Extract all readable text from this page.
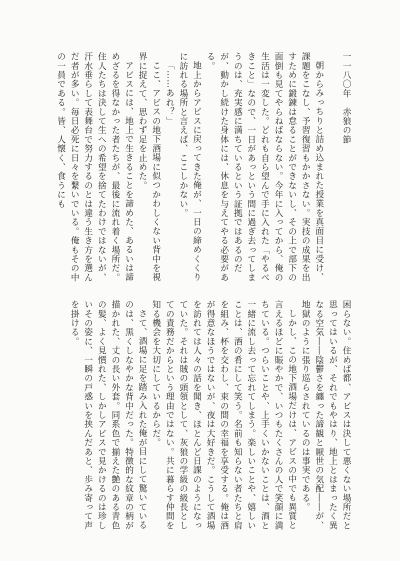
一一八〇年　赤狼の節

朝からみっちりと詰め込まれた授業を真面目に受け、課題をこなし、予習復習もかかさない。実技の成果を出すために鍛錬は怠ることができないし、その上で部下の面倒も見てやらねばならない。今年に入ってから、俺の生活は一変した。どれも自ら望んで手に入れた「やるべきこと」なので、一日があっという間に過ぎ去ってしまうのは、充実感に満ちているという証拠ではあるのだが、動かし続けた身体には、休息を与えてやる必要がある。

地上からアビスに戻ってきた俺が、一日の締めくくりに訪れる場所と言えば、ここしかない。

「……あれ？」

ここ、アビスの地下酒場に似つかわしくない背中を視界に捉えて、思わず足を止めた。

アビスには、地上で生きることを諦めた、あるいは諦めざるを得なかった者たちが、最後に流れ着く場所だ。住人たちは決して生への希望を捨てたわけではないが、汗水垂らして表舞台で努力するのとは違う生き方を選んだ者が多い。毎日必死に日々を繋いでいる。俺もその中の一員である。皆、人懐く、食うにも

困らない。住めば都、アビスは決して悪くない場所だと思ってはいるが、それでもやはり、地上とはまったく異なる空気――陰鬱さを纏った諦観と厭世の気配――が、地獄のように張り巡らされているのは事実である。

しかし、この地下酒場だけは、アビスの中でも異質と言えるほどに賑やかで、いつもたくさんの人で笑顔に満ちている。つらいことや、上手くいかないことは、酒と一緒に流し去って忘れてしまう。楽しいことや、嬉しいことは、酒の肴にして笑う。名前も知らない者たちと肩を組み、杯を交わし、束の間の幸福を享受する。俺は酒が得意なほうではないが、夜は大好きだ。こうして酒場を訪れては人々の話を聞き、ほとんど日課のようになっていた。それは賊の頭領として、灰狼の学級の級長としての責務だからという理由ではない。共に暮らす仲間を知る機会を大切にしているからだ。

さて、酒場に足を踏み入れた俺が目にして驚いているのは、黒くしなやかな背中だった。特徴的な紋章の柄が描かれた、丈の長い外套。同系色で揃えた艶のある青色の髪、よく見慣れた、しかしアビスで見かけるのは珍しいその姿に、一瞬の戸惑いを挟んだあと、歩み寄って声を掛ける。
